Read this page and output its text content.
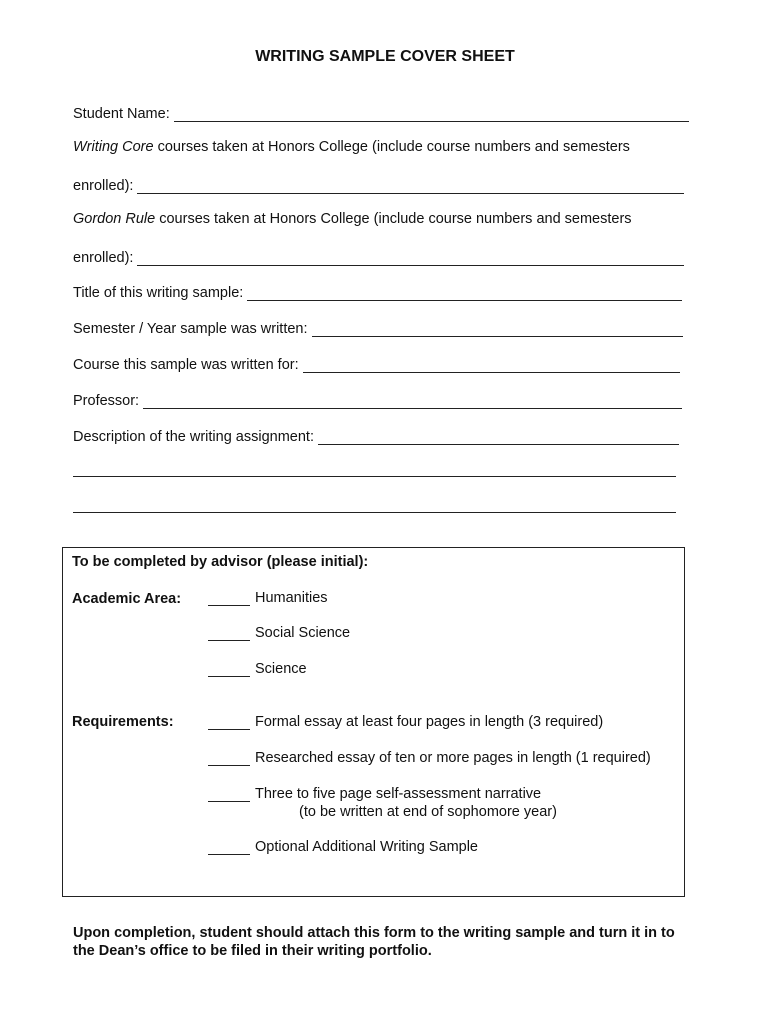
WRITING SAMPLE COVER SHEET
Student Name:
Writing Core courses taken at Honors College (include course numbers and semesters
enrolled):
Gordon Rule courses taken at Honors College (include course numbers and semesters
enrolled):
Title of this writing sample:
Semester / Year sample was written:
Course this sample was written for:
Professor:
Description of the writing assignment:
To be completed by advisor (please initial):
Academic Area:	Humanities
Social Science
Science
Requirements:	Formal essay at least four pages in length (3 required)
Researched essay of ten or more pages in length (1 required)
Three to five page self-assessment narrative
(to be written at end of sophomore year)
Optional Additional Writing Sample
Upon completion, student should attach this form to the writing sample and turn it in to the Dean’s office to be filed in their writing portfolio.
